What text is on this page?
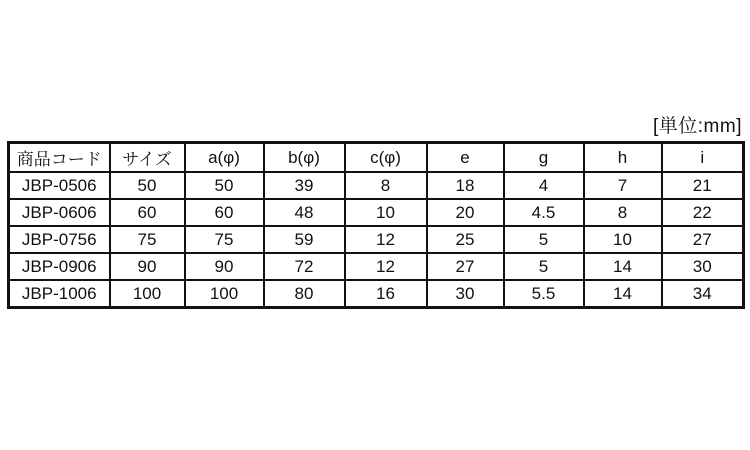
[単位:mm]
商品コード	サイズ	a(φ)	b(φ)	c(φ)	e	g	h	i
JBP-0506	50	50	39	8	18	4	7	21
JBP-0606	60	60	48	10	20	4.5	8	22
JBP-0756	75	75	59	12	25	5	10	27
JBP-0906	90	90	72	12	27	5	14	30
JBP-1006	100	100	80	16	30	5.5	14	34
